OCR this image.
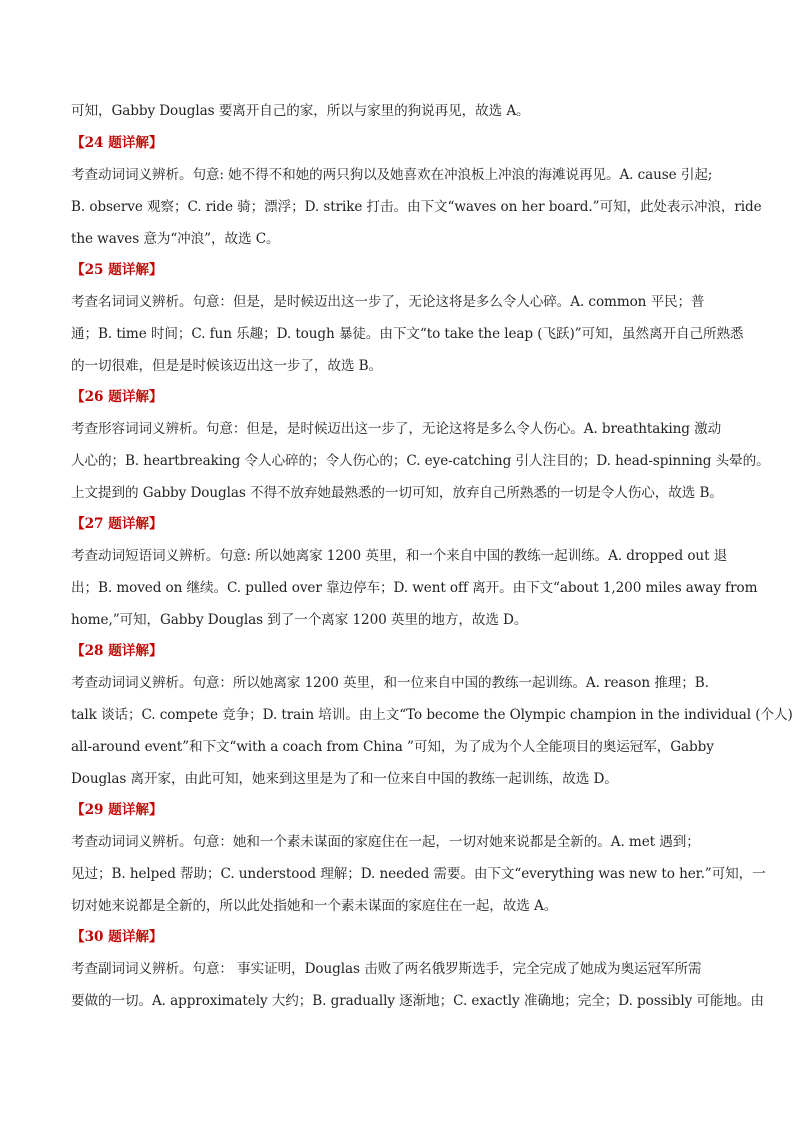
可知，Gabby Douglas 要离开自己的家，所以与家里的狗说再见，故选 A。
【24 题详解】
考查动词词义辨析。句意: 她不得不和她的两只狗以及她喜欢在冲浪板上冲浪的海滩说再见。A. cause 引起;
B. observe 观察；C. ride 骑；漂浮；D. strike 打击。由下文“waves on her board.”可知，此处表示冲浪，ride
the waves 意为“冲浪”，故选 C。
【25 题详解】
考查名词词义辨析。句意：但是，是时候迈出这一步了，无论这将是多么令人心碎。A. common 平民；普
通；B. time 时间；C. fun 乐趣；D. tough 暴徒。由下文“to take the leap (飞跃)”可知，虽然离开自己所熟悉
的一切很难，但是是时候该迈出这一步了，故选 B。
【26 题详解】
考查形容词词义辨析。句意：但是，是时候迈出这一步了，无论这将是多么令人伤心。A. breathtaking 激动
人心的；B. heartbreaking 令人心碎的；令人伤心的；C. eye-catching 引人注目的；D. head-spinning 头晕的。
上文提到的 Gabby Douglas 不得不放弃她最熟悉的一切可知，放弃自己所熟悉的一切是令人伤心，故选 B。
【27 题详解】
考查动词短语词义辨析。句意: 所以她离家 1200 英里，和一个来自中国的教练一起训练。A. dropped out 退
出；B. moved on 继续。C. pulled over 靠边停车；D. went off 离开。由下文“about 1,200 miles away from
home,”可知，Gabby Douglas 到了一个离家 1200 英里的地方，故选 D。
【28 题详解】
考查动词词义辨析。句意：所以她离家 1200 英里，和一位来自中国的教练一起训练。A. reason 推理；B.
talk 谈话；C. compete 竞争；D. train 培训。由上文“To become the Olympic champion in the individual (个人)
all-around event”和下文“with a coach from China ”可知，为了成为个人全能项目的奥运冠军，Gabby
Douglas 离开家，由此可知，她来到这里是为了和一位来自中国的教练一起训练，故选 D。
【29 题详解】
考查动词词义辨析。句意：她和一个素未谋面的家庭住在一起，一切对她来说都是全新的。A. met 遇到；
见过；B. helped 帮助；C. understood 理解；D. needed 需要。由下文“everything was new to her.”可知，一
切对她来说都是全新的，所以此处指她和一个素未谋面的家庭住在一起，故选 A。
【30 题详解】
考查副词词义辨析。句意： 事实证明，Douglas 击败了两名俄罗斯选手，完全完成了她成为奥运冠军所需
要做的一切。A. approximately 大约；B. gradually 逐渐地；C. exactly 准确地；完全；D. possibly 可能地。由
